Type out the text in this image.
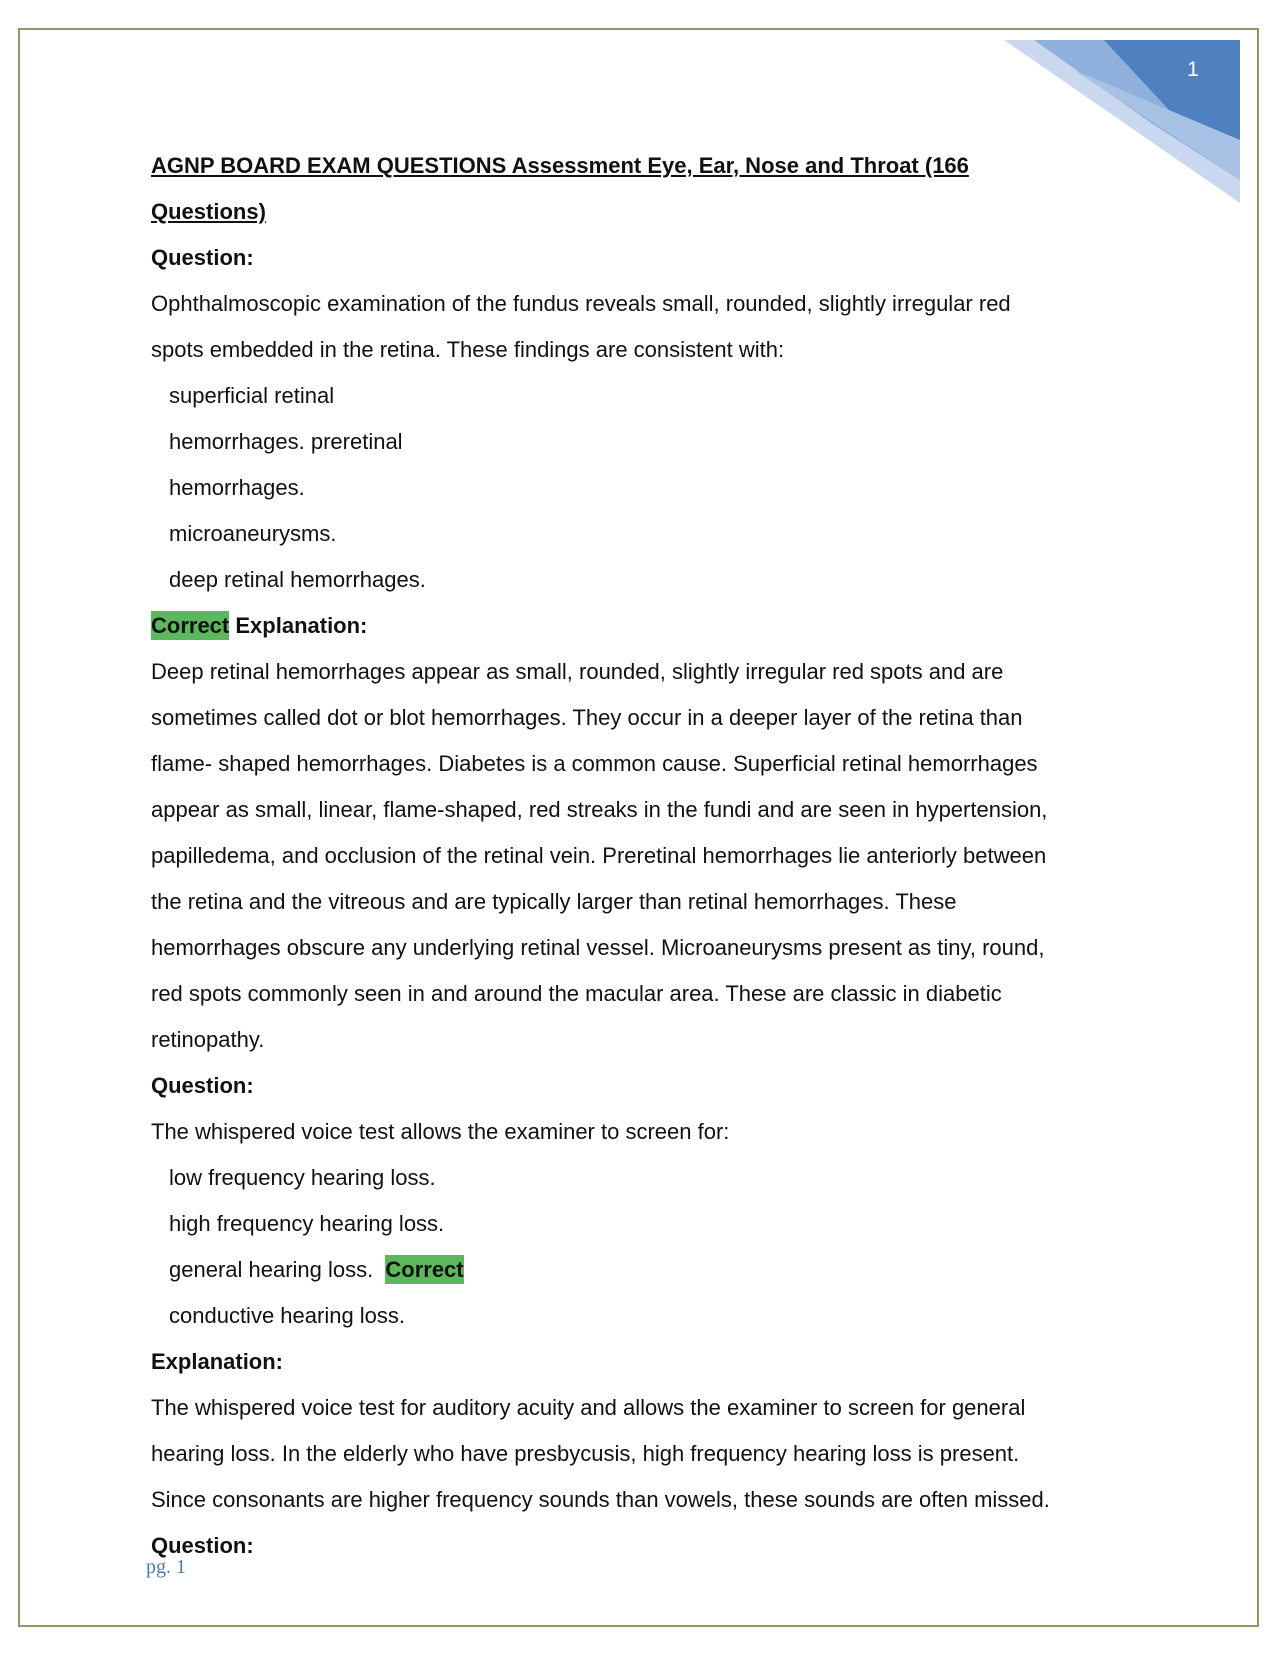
1
AGNP BOARD EXAM QUESTIONS Assessment Eye, Ear, Nose and Throat (166
Questions)
Question:
Ophthalmoscopic examination of the fundus reveals small, rounded, slightly irregular red
spots embedded in the retina. These findings are consistent with:
superficial retinal
hemorrhages. preretinal
hemorrhages.
microaneurysms.
deep retinal hemorrhages.
Correct Explanation:
Deep retinal hemorrhages appear as small, rounded, slightly irregular red spots and are
sometimes called dot or blot hemorrhages. They occur in a deeper layer of the retina than
flame- shaped hemorrhages. Diabetes is a common cause. Superficial retinal hemorrhages
appear as small, linear, flame-shaped, red streaks in the fundi and are seen in hypertension,
papilledema, and occlusion of the retinal vein. Preretinal hemorrhages lie anteriorly between
the retina and the vitreous and are typically larger than retinal hemorrhages. These
hemorrhages obscure any underlying retinal vessel. Microaneurysms present as tiny, round,
red spots commonly seen in and around the macular area. These are classic in diabetic
retinopathy.
Question:
The whispered voice test allows the examiner to screen for:
low frequency hearing loss.
high frequency hearing loss.
general hearing loss. Correct
conductive hearing loss.
Explanation:
The whispered voice test for auditory acuity and allows the examiner to screen for general
hearing loss. In the elderly who have presbycusis, high frequency hearing loss is present.
Since consonants are higher frequency sounds than vowels, these sounds are often missed.
Question:
pg. 1
